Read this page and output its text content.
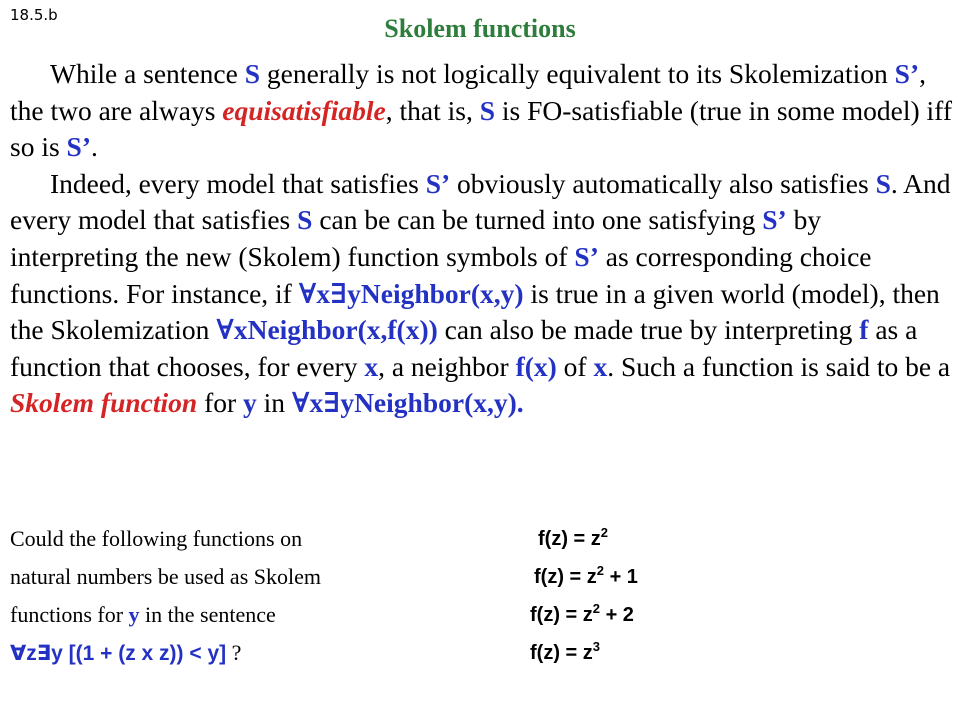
18.5.b	Skolem functions

While a sentence S generally is not logically equivalent to its Skolemization S’, the two are always equisatisfiable, that is, S is FO-satisfiable (true in some model) iff so is S’.

Indeed, every model that satisfies S’ obviously automatically also satisfies S. And every model that satisfies S can be can be turned into one satisfying S’ by interpreting the new (Skolem) function symbols of S’ as corresponding choice functions. For instance, if ∀x∃yNeighbor(x,y) is true in a given world (model), then the Skolemization ∀xNeighbor(x,f(x)) can also be made true by interpreting f as a function that chooses, for every x, a neighbor f(x) of x. Such a function is said to be a Skolem function for y in ∀x∃yNeighbor(x,y).

Could the following functions on
natural numbers be used as Skolem
functions for y in the sentence
∀z∃y [(1 + (z x z)) < y] ?
$f(z) = z^2$
$f(z) = z^2 + 1$
$f(z) = z^2 + 2$
$f(z) = z^3$
